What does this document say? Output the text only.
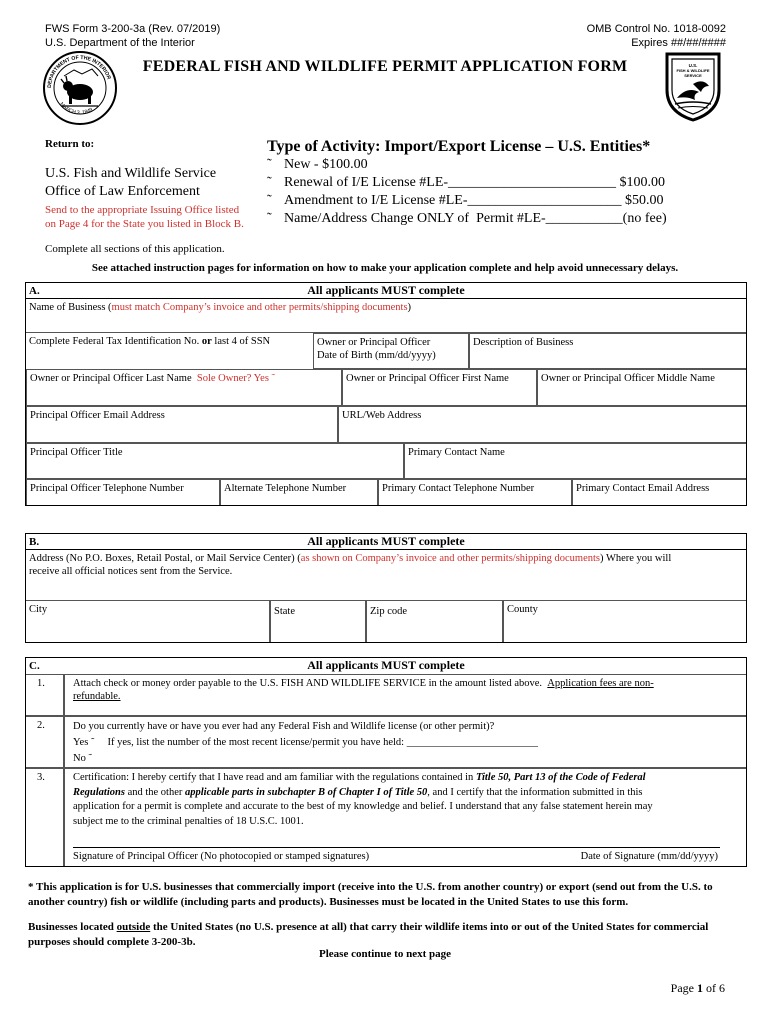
FWS Form 3-200-3a (Rev. 07/2019)
U.S. Department of the Interior
OMB Control No. 1018-0092
Expires ##/##/####
DEPARTMENT OF THE INTERIOR
MARCH 3, 1849
FEDERAL FISH AND WILDLIFE PERMIT APPLICATION FORM	U.S.
FISH & WILDLIFE
SERVICE
Return to:
U.S. Fish and Wildlife Service
Office of Law Enforcement
Send to the appropriate Issuing Office listed
on Page 4 for the State you listed in Block B.
Type of Activity: Import/Export License – U.S. Entities*
˜ New - $100.00
˜ Renewal of I/E License #LE-________________________ $100.00
˜ Amendment to I/E License #LE-______________________ $50.00
˜ Name/Address Change ONLY of  Permit #LE-___________(no fee)
Complete all sections of this application.
See attached instruction pages for information on how to make your application complete and help avoid unnecessary delays.
A.	All applicants MUST complete
Name of Business (must match Company’s invoice and other permits/shipping documents)
Complete Federal Tax Identification No. or last 4 of SSN	Owner or Principal Officer
Date of Birth (mm/dd/yyyy)
Description of Business
Owner or Principal Officer Last Name Sole Owner? Yes ˜	Owner or Principal Officer First Name	Owner or Principal Officer Middle Name
Principal Officer Email Address	URL/Web Address
Principal Officer Title	Primary Contact Name
Principal Officer Telephone Number	Alternate Telephone Number	Primary Contact Telephone Number	Primary Contact Email Address
B.	All applicants MUST complete
Address (No P.O. Boxes, Retail Postal, or Mail Service Center) (as shown on Company’s invoice and other permits/shipping documents) Where you will
receive all official notices sent from the Service.
City	State	Zip code	County
C.	All applicants MUST complete
1.	Attach check or money order payable to the U.S. FISH AND WILDLIFE SERVICE in the amount listed above. Application fees are non-
refundable.
2.	Do you currently have or have you ever had any Federal Fish and Wildlife license (or other permit)?
Yes ˜ If yes, list the number of the most recent license/permit you have held: _________________________
No ˜
3.	Certification: I hereby certify that I have read and am familiar with the regulations contained in Title 50, Part 13 of the Code of Federal
Regulations and the other applicable parts in subchapter B of Chapter I of Title 50, and I certify that the information submitted in this
application for a permit is complete and accurate to the best of my knowledge and belief. I understand that any false statement herein may
subject me to the criminal penalties of 18 U.S.C. 1001.
Signature of Principal Officer (No photocopied or stamped signatures)	Date of Signature (mm/dd/yyyy)
* This application is for U.S. businesses that commercially import (receive into the U.S. from another country) or export (send out from the U.S. to
another country) fish or wildlife (including parts and products). Businesses must be located in the United States to use this form.
Businesses located outside the United States (no U.S. presence at all) that carry their wildlife items into or out of the United States for commercial
purposes should complete 3-200-3b.
Please continue to next page
Page 1 of 6
